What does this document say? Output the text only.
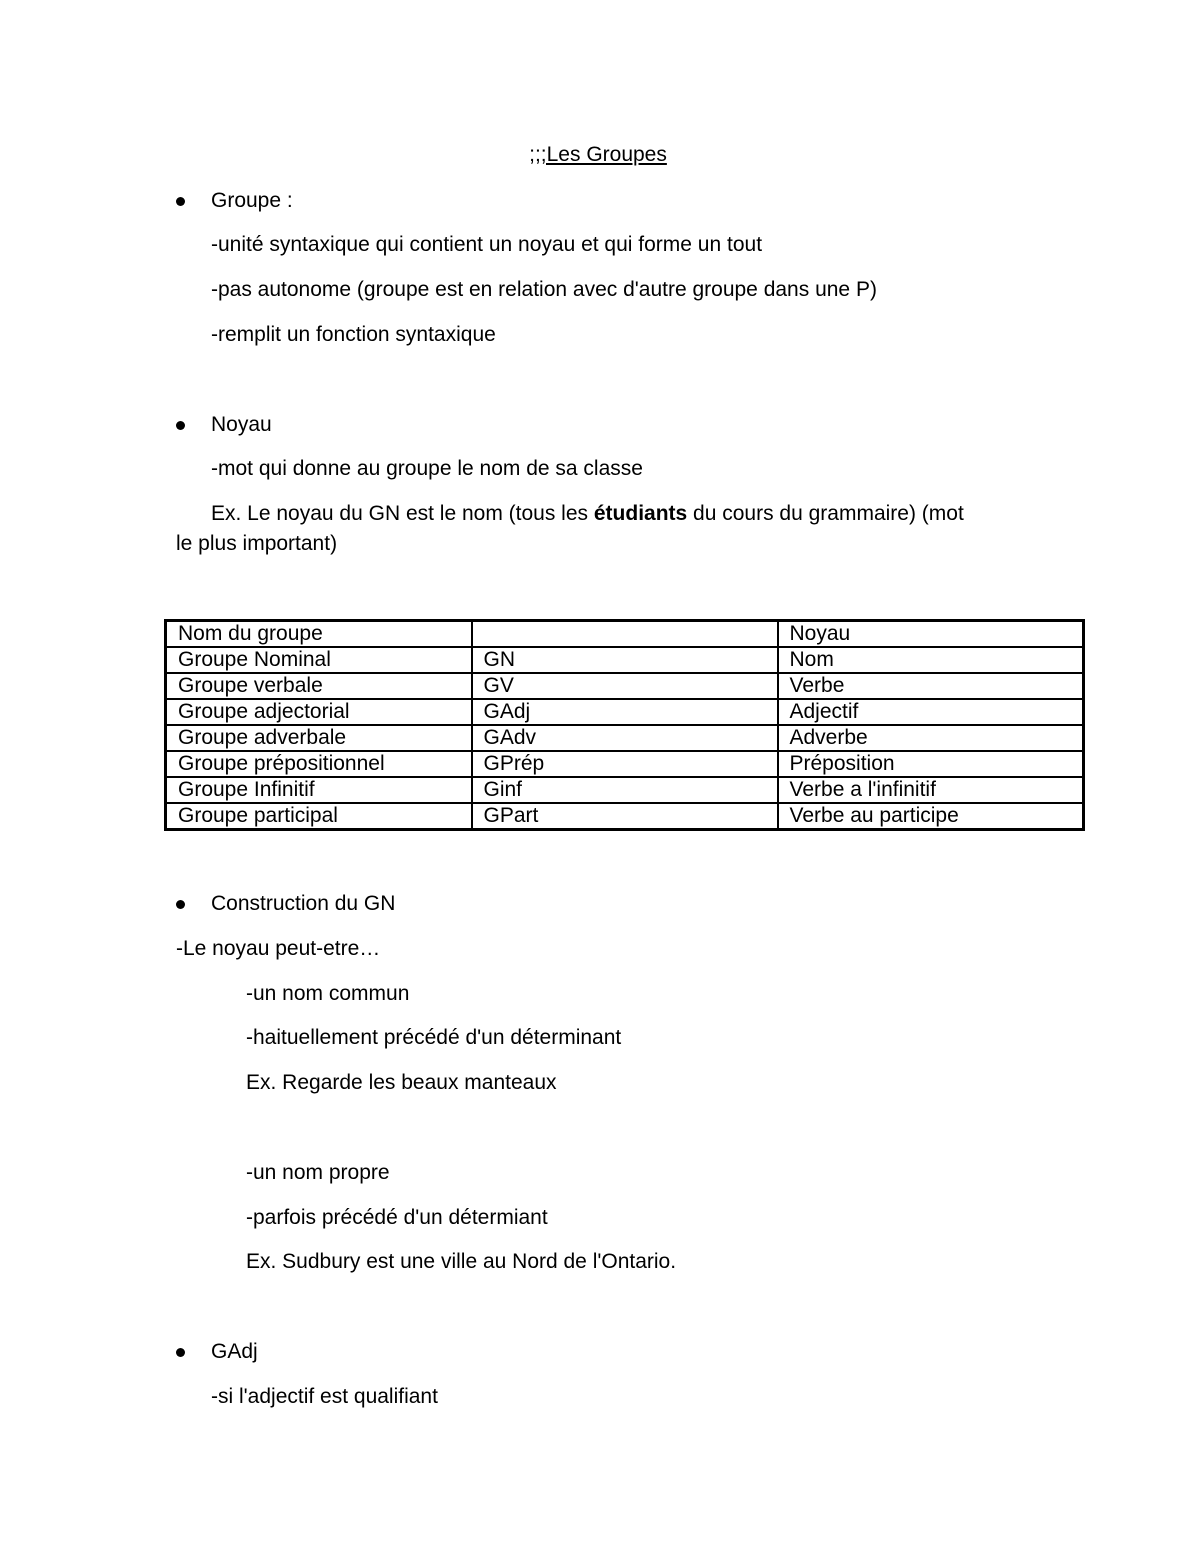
;;;Les Groupes
Groupe :
-unité syntaxique qui contient un noyau et qui forme un tout
-pas autonome (groupe est en relation avec d'autre groupe dans une P)
-remplit un fonction syntaxique
Noyau
-mot qui donne au groupe le nom de sa classe
Ex. Le noyau du GN est le nom (tous les étudiants du cours du grammaire) (mot
le plus important)
Nom du groupe		Noyau
Groupe Nominal	GN	Nom
Groupe verbale	GV	Verbe
Groupe adjectorial	GAdj	Adjectif
Groupe adverbale	GAdv	Adverbe
Groupe prépositionnel	GPrép	Préposition
Groupe Infinitif	Ginf	Verbe a l'infinitif
Groupe participal	GPart	Verbe au participe
Construction du GN
-Le noyau peut-etre…
-un nom commun
-haituellement précédé d'un déterminant
Ex. Regarde les beaux manteaux
-un nom propre
-parfois précédé d'un détermiant
Ex. Sudbury est une ville au Nord de l'Ontario.
GAdj
-si l'adjectif est qualifiant
